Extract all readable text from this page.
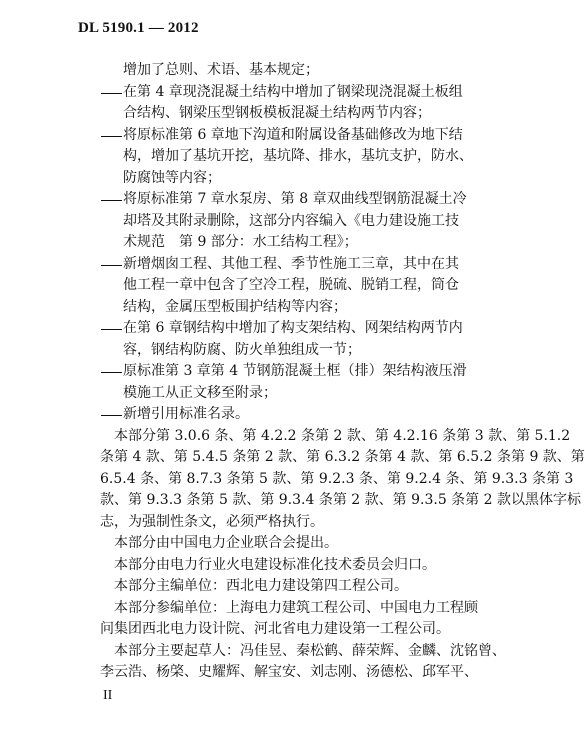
DL 5190.1 — 2012
增加了总则、术语、基本规定；
在第 4 章现浇混凝土结构中增加了钢梁现浇混凝土板组
合结构、钢梁压型钢板模板混凝土结构两节内容；
将原标准第 6 章地下沟道和附属设备基础修改为地下结
构，增加了基坑开挖，基坑降、排水，基坑支护，防水、
防腐蚀等内容；
将原标准第 7 章水泵房、第 8 章双曲线型钢筋混凝土冷
却塔及其附录删除，这部分内容编入《电力建设施工技
术规范　第 9 部分：水工结构工程》；
新增烟囱工程、其他工程、季节性施工三章，其中在其
他工程一章中包含了空冷工程，脱硫、脱销工程，筒仓
结构，金属压型板围护结构等内容；
在第 6 章钢结构中增加了构支架结构、网架结构两节内
容，钢结构防腐、防火单独组成一节；
原标准第 3 章第 4 节钢筋混凝土框（排）架结构液压滑
模施工从正文移至附录；
新增引用标准名录。
本部分第 3.0.6 条、第 4.2.2 条第 2 款、第 4.2.16 条第 3 款、第 5.1.2
条第 4 款、第 5.4.5 条第 2 款、第 6.3.2 条第 4 款、第 6.5.2 条第 9 款、第
6.5.4 条、第 8.7.3 条第 5 款、第 9.2.3 条、第 9.2.4 条、第 9.3.3 条第 3
款、第 9.3.3 条第 5 款、第 9.3.4 条第 2 款、第 9.3.5 条第 2 款以黑体字标
志，为强制性条文，必须严格执行。
本部分由中国电力企业联合会提出。
本部分由电力行业火电建设标准化技术委员会归口。
本部分主编单位：西北电力建设第四工程公司。
本部分参编单位：上海电力建筑工程公司、中国电力工程顾
问集团西北电力设计院、河北省电力建设第一工程公司。
本部分主要起草人：冯佳昱、秦松鹤、薛荣辉、金麟、沈铭曾、
李云浩、杨棨、史耀辉、解宝安、刘志刚、汤德松、邱军平、
II
